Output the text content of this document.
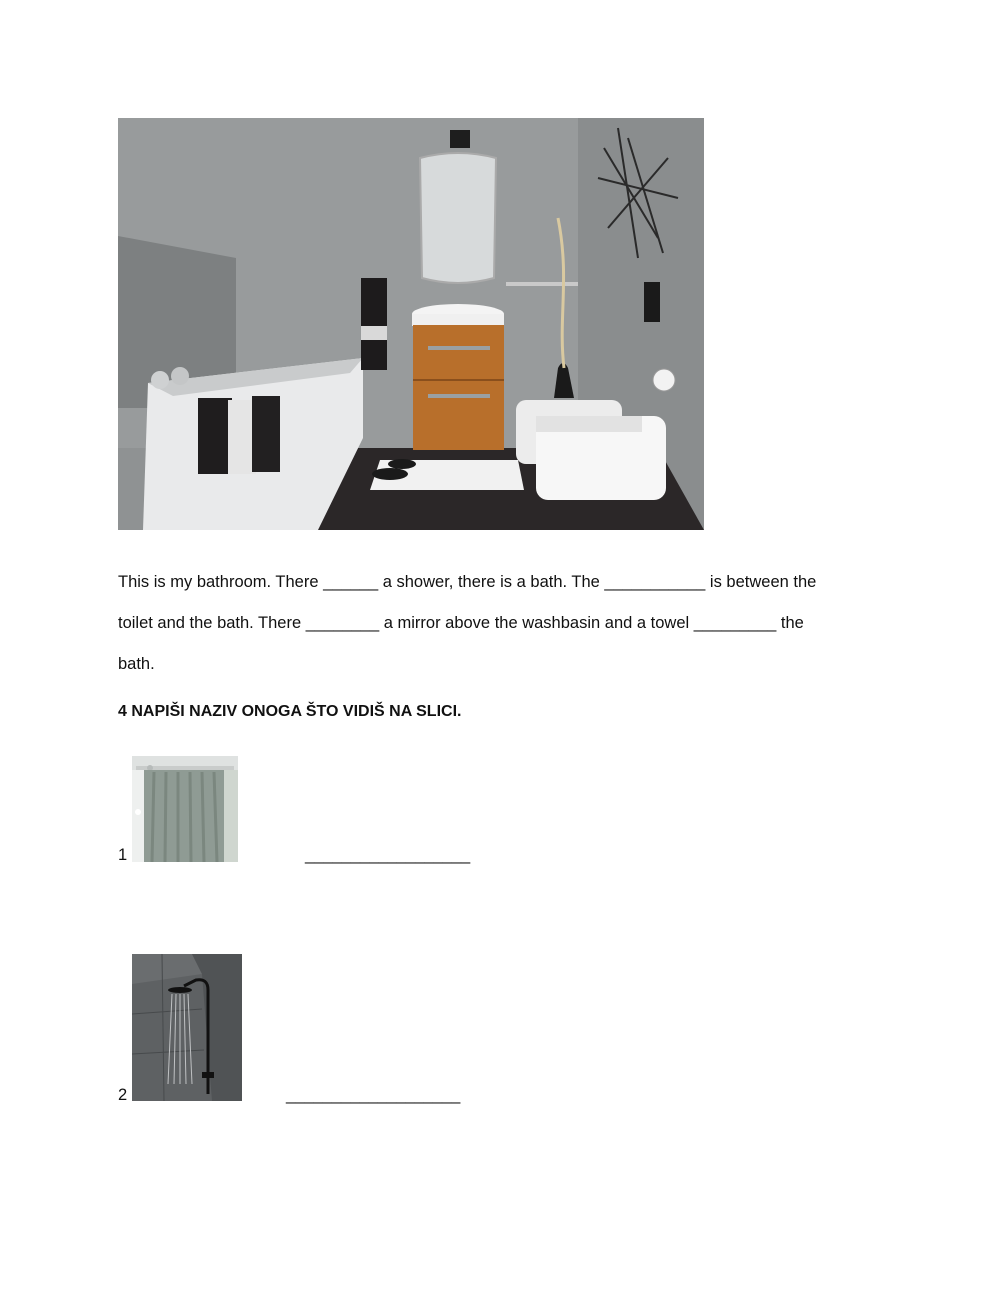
This is my bathroom. There ______ a shower, there is a bath. The ___________ is between the
toilet and the bath. There ________ a mirror above the washbasin and a towel _________ the
bath.
4 NAPIŠI NAZIV ONOGA ŠTO VIDIŠ NA SLICI.
1	__________________
2	___________________
